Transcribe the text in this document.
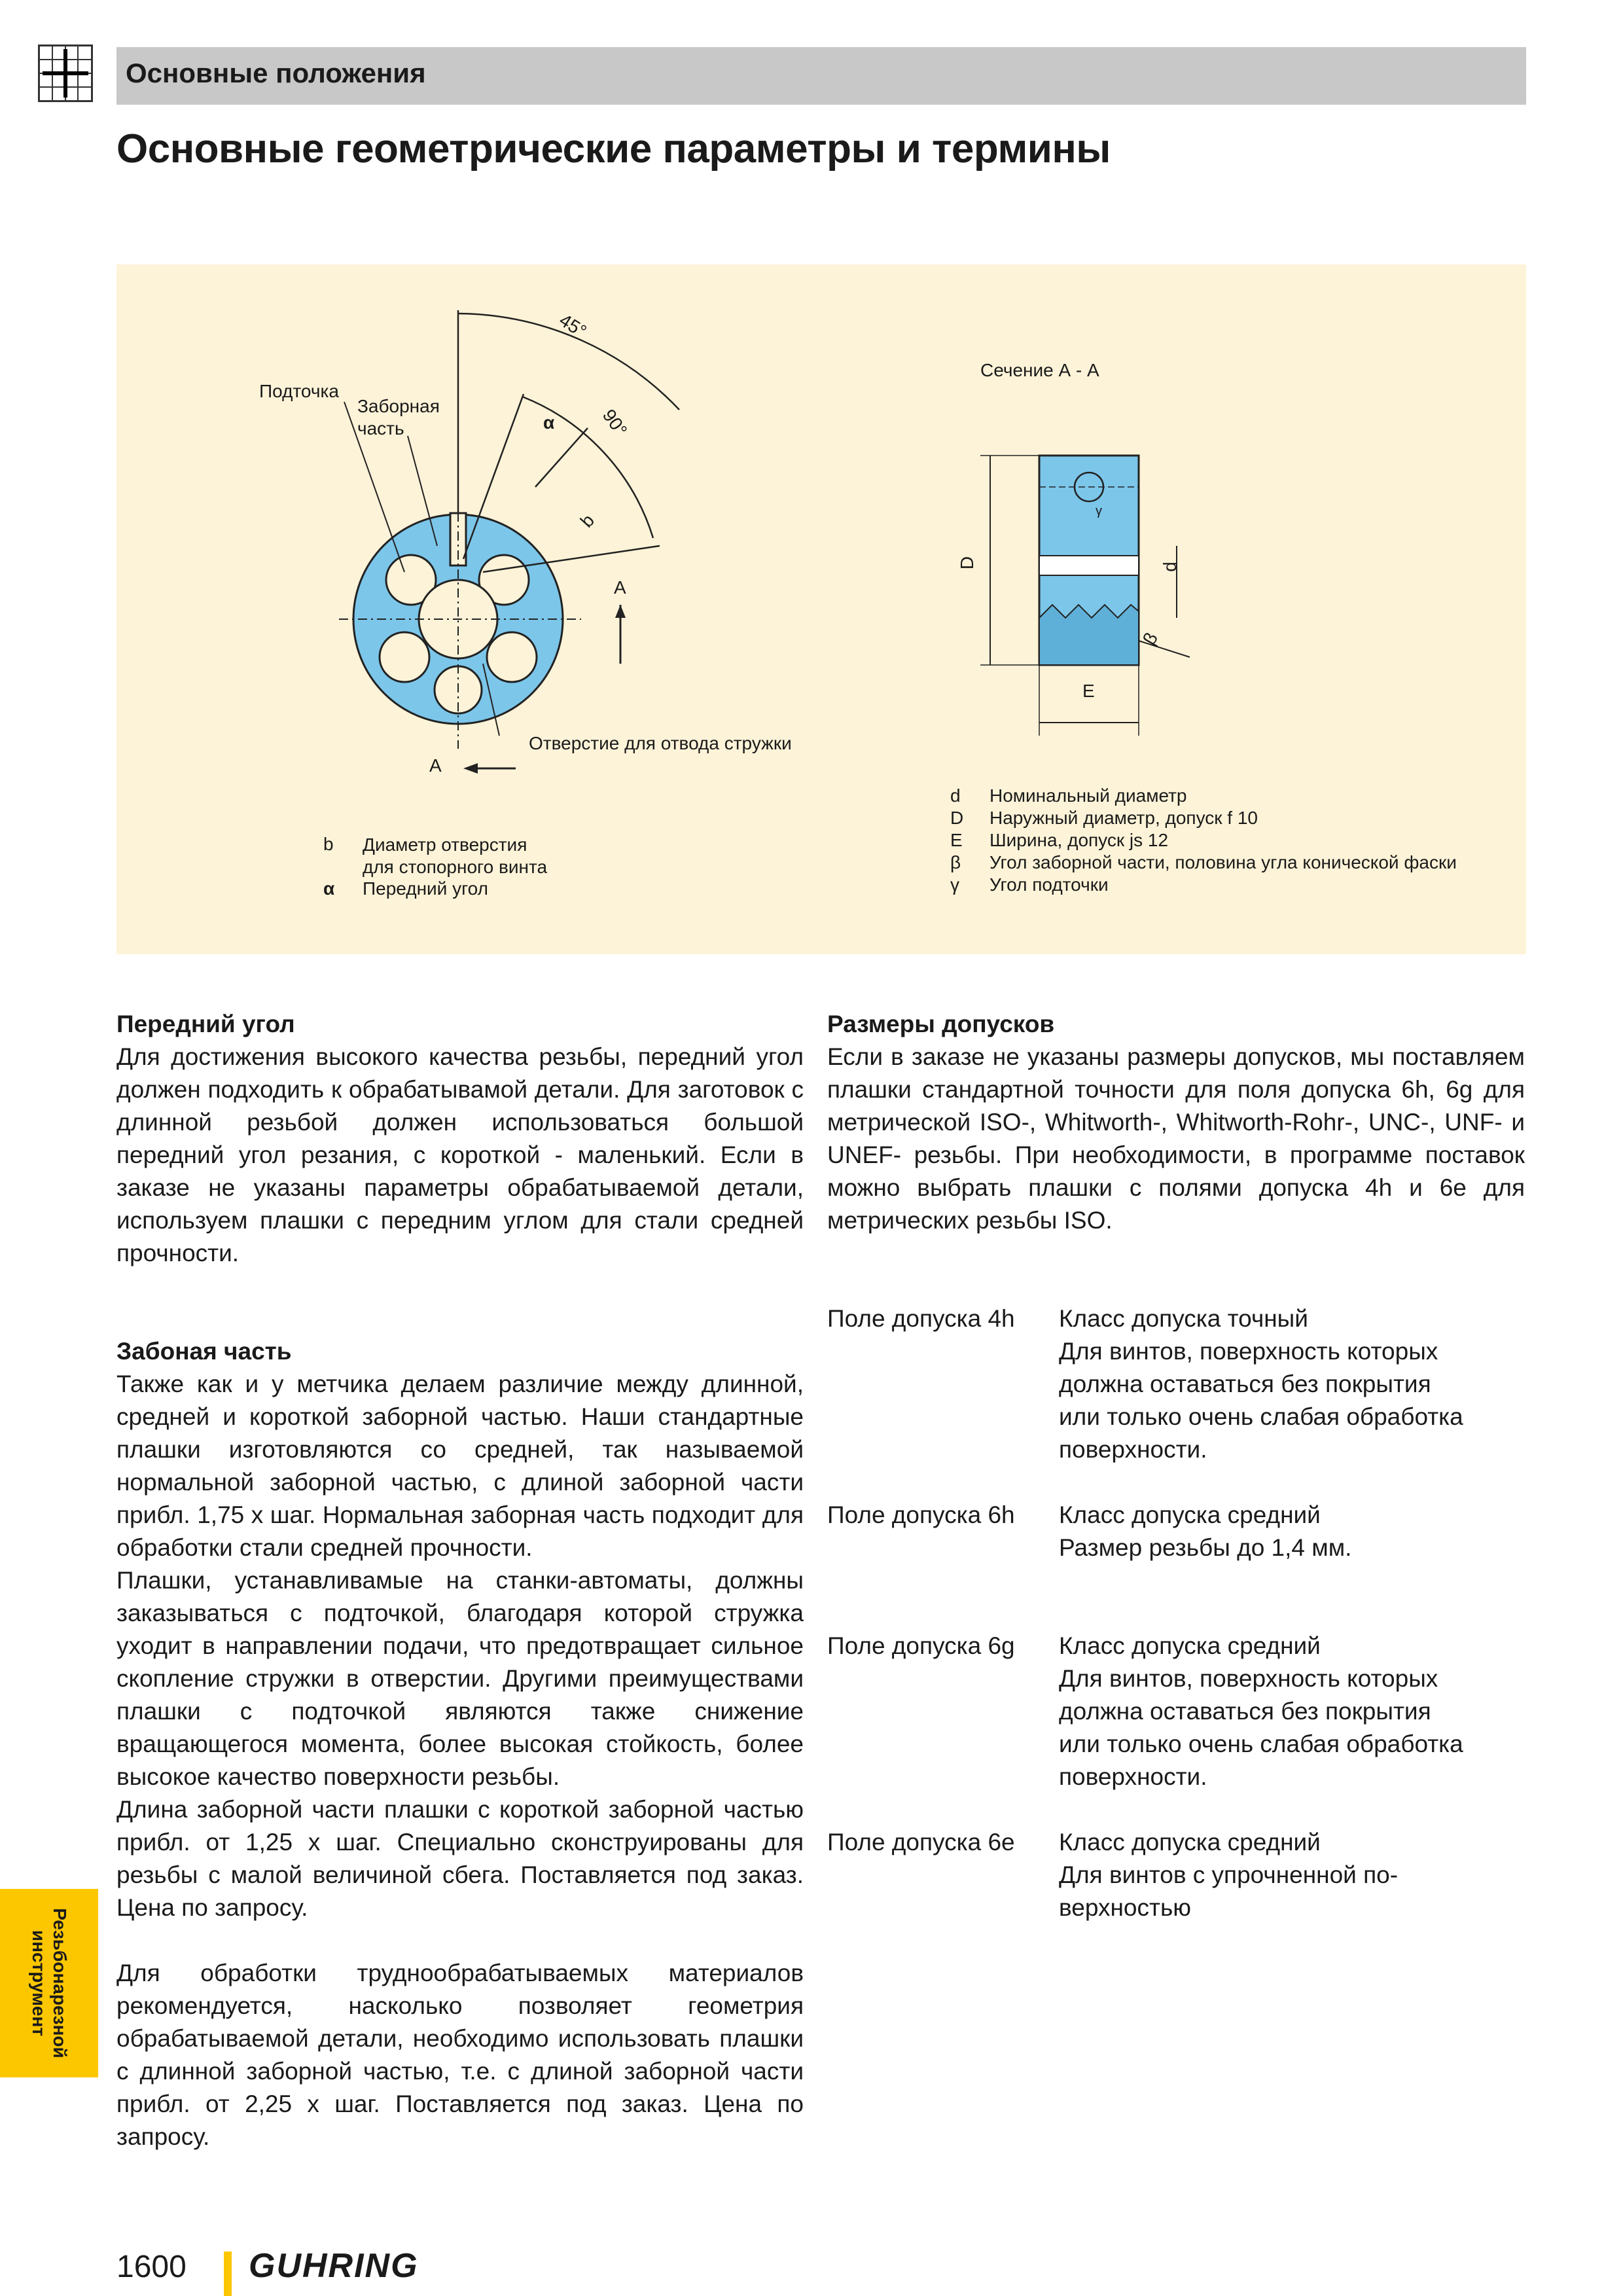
Основные положения
Основные геометрические параметры и термины
Подточка
Заборная
часть	α
b
45°
90°
A
A
Отверстие для отвода стружки
Сечение А - А
D	d
E
β
γ
b Диаметр отверстия
для стопорного винта
α Передний угол
d Номинальный диаметр
D Наружный диаметр, допуск f 10
E Ширина, допуск js 12
β Угол заборной части, половина угла конической фаски
γ Угол подточки
Передний угол
Для достижения высокого качества резьбы, передний угол должен подходить к обрабатывамой детали. Для заготовок с длинной резьбой должен использоваться большой передний угол резания, с короткой - маленький. Если в заказе не указаны параметры обрабатываемой детали, используем плашки с передним углом для стали средней прочности.
Забоная часть
Также как и у метчика делаем различие между длинной, средней и короткой заборной частью. Наши стандартные плашки изготовляются со средней, так называемой нормальной заборной частью, с длиной заборной части прибл. 1,75 x шаг. Нормальная заборная часть подходит для обработки стали средней прочности.
Плашки, устанавливамые на станки-автоматы, должны заказываться с подточкой, благодаря которой стружка уходит в направлении подачи, что предотвращает сильное скопление стружки в отверстии. Другими преимуществами плашки с подточкой являются также снижение вращающегося момента, более высокая стойкость, более высокое качество поверхности резьбы.
Длина заборной части плашки с короткой заборной частью прибл. от 1,25 x шаг. Специально сконструированы для резьбы с малой величиной сбега. Поставляется под заказ. Цена по запросу.
Для обработки труднообрабатываемых материалов рекомендуется, насколько позволяет геометрия обрабатываемой детали, необходимо использовать плашки с длинной заборной частью, т.е. с длиной заборной части прибл. от 2,25 x шаг. Поставляется под заказ. Цена по запросу.
Размеры допусков
Если в заказе не указаны размеры допусков, мы поставляем плашки стандартной точности для поля допуска 6h, 6g для метрической ISO-, Whitworth-, Whitworth-Rohr-, UNC-, UNF- и UNEF- резьбы. При необходимости, в программе поставок можно выбрать плашки с полями допуска 4h и 6e для метрических резьбы ISO.
Поле допуска 4h Класс допуска точный
Для винтов, поверхность которых
должна оставаться без покрытия
или только очень слабая обработка
поверхности.
Поле допуска 6h Класс допуска средний
Размер резьбы до 1,4 мм.
Поле допуска 6g Класс допуска средний
Для винтов, поверхность которых
должна оставаться без покрытия
или только очень слабая обработка
поверхности.
Поле допуска 6e Класс допуска средний
Для винтов с упрочненной по-
верхностью
Резьбонарезной
инструмент
1600 GUHRING
